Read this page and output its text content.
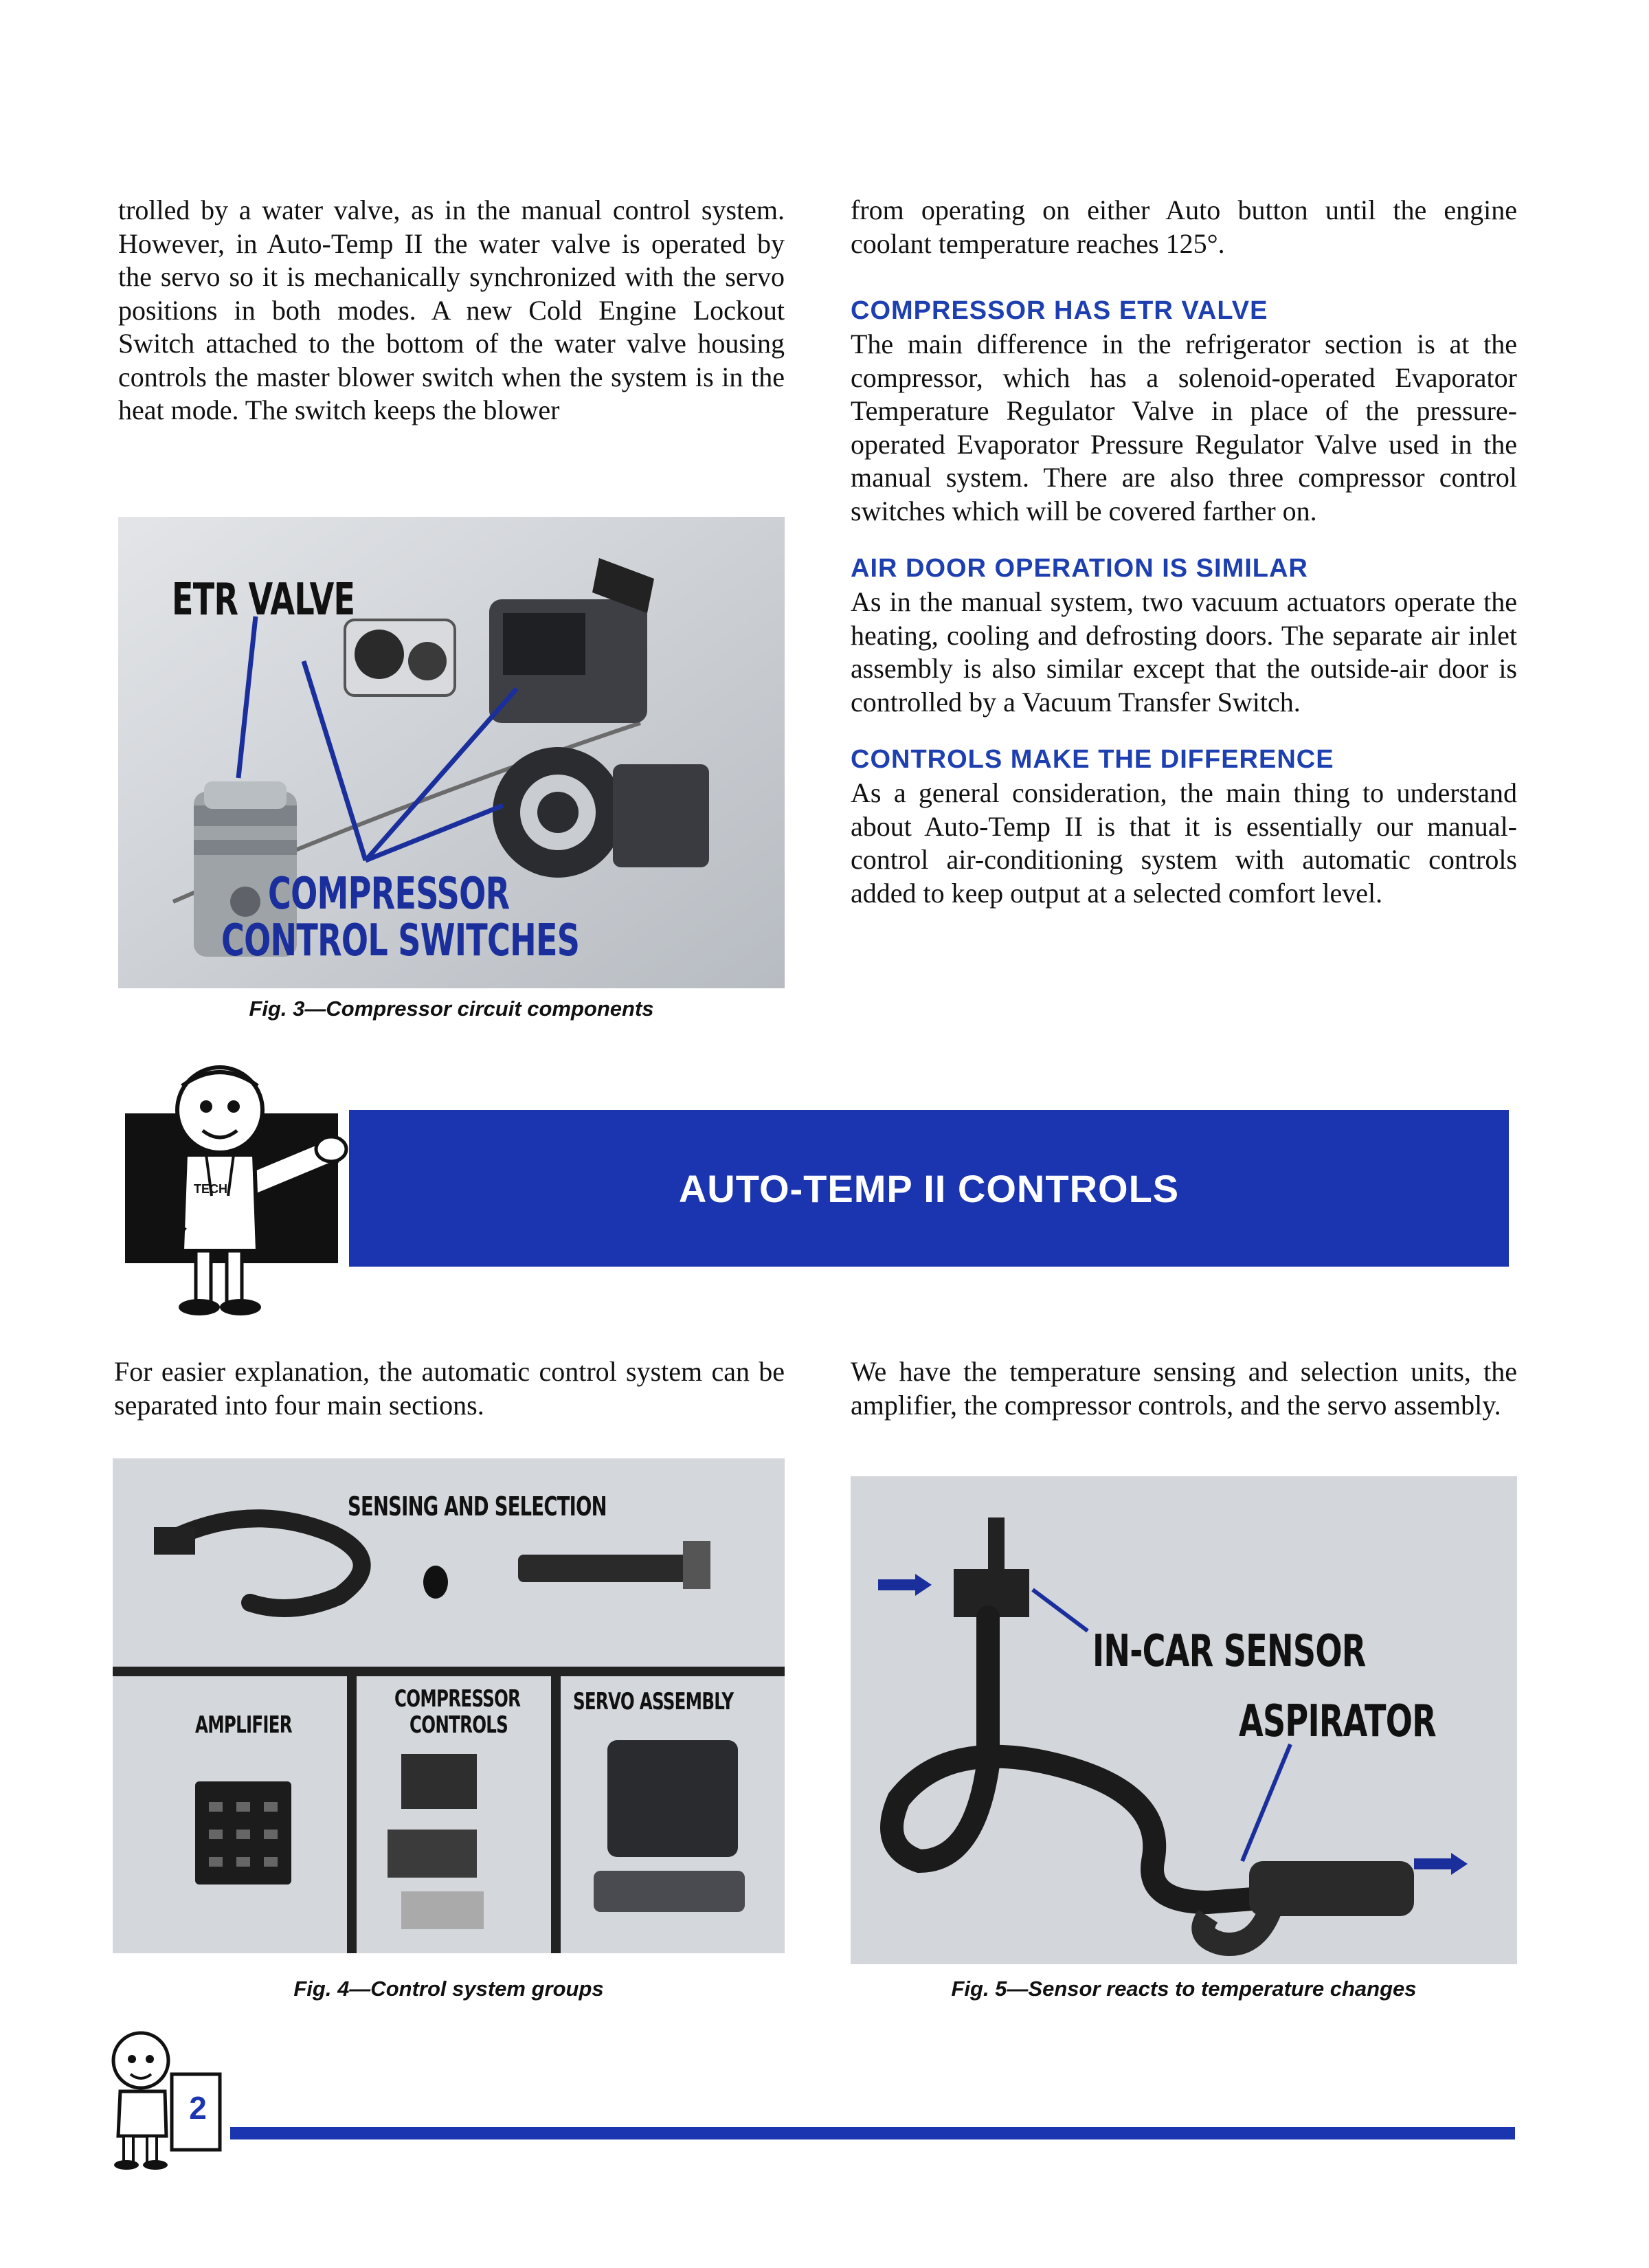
trolled by a water valve, as in the manual control system. However, in Auto-Temp II the water valve is operated by the servo so it is mechanically synchronized with the servo positions in both modes. A new Cold Engine Lockout Switch attached to the bottom of the water valve housing controls the master blower switch when the system is in the heat mode. The switch keeps the blower

from operating on either Auto button until the engine coolant temperature reaches 125°.

COMPRESSOR HAS ETR VALVE

The main difference in the refrigerator section is at the compressor, which has a solenoid-operated Evaporator Temperature Regulator Valve in place of the pressure-operated Evaporator Pressure Regulator Valve used in the manual system. There are also three compressor control switches which will be covered farther on.

AIR DOOR OPERATION IS SIMILAR

As in the manual system, two vacuum actuators operate the heating, cooling and defrosting doors. The separate air inlet assembly is also similar except that the outside-air door is controlled by a Vacuum Transfer Switch.

CONTROLS MAKE THE DIFFERENCE

As a general consideration, the main thing to understand about Auto-Temp II is that it is essentially our manual-control air-conditioning system with automatic controls added to keep output at a selected comfort level.

ETR VALVE
COMPRESSOR
CONTROL SWITCHES
Fig. 3—Compressor circuit components
TECH	AUTO-TEMP II CONTROLS

For easier explanation, the automatic control system can be separated into four main sections.

We have the temperature sensing and selection units, the amplifier, the compressor controls, and the servo assembly.

SENSING AND SELECTION
AMPLIFIER
COMPRESSOR
CONTROLS
SERVO ASSEMBLY
Fig. 4—Control system groups
IN-CAR SENSOR
ASPIRATOR
Fig. 5—Sensor reacts to temperature changes
2
